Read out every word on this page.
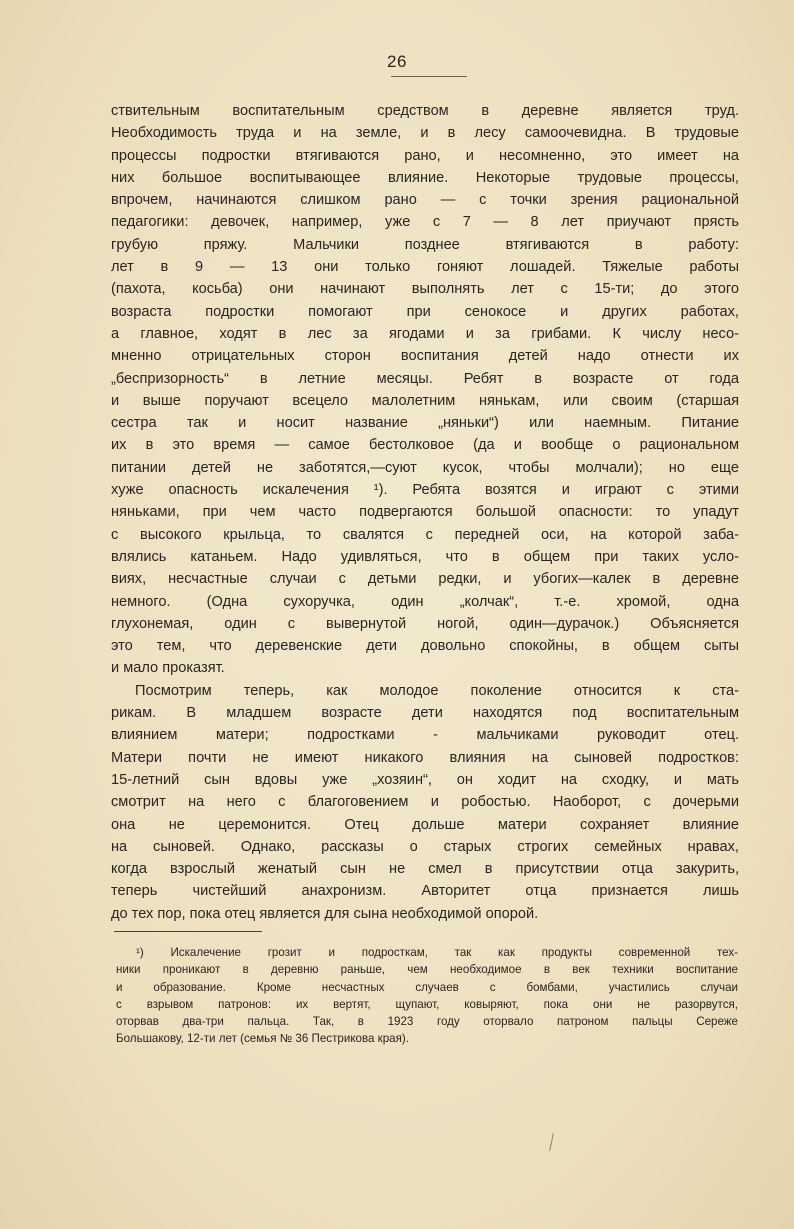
26
ствительным воспитательным средством в деревне является труд.
Необходимость труда и на земле, и в лесу самоочевидна. В трудовые
процессы подростки втягиваются рано, и несомненно, это имеет на
них большое воспитывающее влияние. Некоторые трудовые процессы,
впрочем, начинаются слишком рано — с точки зрения рациональной
педагогики: девочек, например, уже с 7 — 8 лет приучают прясть
грубую пряжу. Мальчики позднее втягиваются в работу:
лет в 9 — 13 они только гоняют лошадей. Тяжелые работы
(пахота, косьба) они начинают выполнять лет с 15-ти; до этого
возраста подростки помогают при сенокосе и других работах,
а главное, ходят в лес за ягодами и за грибами. К числу несо-
мненно отрицательных сторон воспитания детей надо отнести их
„беспризорность“ в летние месяцы. Ребят в возрасте от года
и выше поручают всецело малолетним нянькам, или своим (старшая
сестра так и носит название „няньки“) или наемным. Питание
их в это время — самое бестолковое (да и вообще о рациональном
питании детей не заботятся,—суют кусок, чтобы молчали); но еще
хуже опасность искалечения ¹). Ребята возятся и играют с этими
няньками, при чем часто подвергаются большой опасности: то упадут
с высокого крыльца, то свалятся с передней оси, на которой заба-
влялись катаньем. Надо удивляться, что в общем при таких усло-
виях, несчастные случаи с детьми редки, и убогих—калек в деревне
немного. (Одна сухоручка, один „колчак“, т.-е. хромой, одна
глухонемая, один с вывернутой ногой, один—дурачок.) Объясняется
это тем, что деревенские дети довольно спокойны, в общем сыты
и мало проказят.
Посмотрим теперь, как молодое поколение относится к ста-
рикам. В младшем возрасте дети находятся под воспитательным
влиянием матери; подростками - мальчиками руководит отец.
Матери почти не имеют никакого влияния на сыновей подростков:
15-летний сын вдовы уже „хозяин“, он ходит на сходку, и мать
смотрит на него с благоговением и робостью. Наоборот, с дочерьми
она не церемонится. Отец дольше матери сохраняет влияние
на сыновей. Однако, рассказы о старых строгих семейных нравах,
когда взрослый женатый сын не смел в присутствии отца закурить,
теперь чистейший анахронизм. Авторитет отца признается лишь
до тех пор, пока отец является для сына необходимой опорой.
¹) Искалечение грозит и подросткам, так как продукты современной тех-
ники проникают в деревню раньше, чем необходимое в век техники воспитание
и образование. Кроме несчастных случаев с бомбами, участились случаи
с взрывом патронов: их вертят, щупают, ковыряют, пока они не разорвутся,
оторвав два-три пальца. Так, в 1923 году оторвало патроном пальцы Сереже
Большакову, 12-ти лет (семья № 36 Пестрикова края).
